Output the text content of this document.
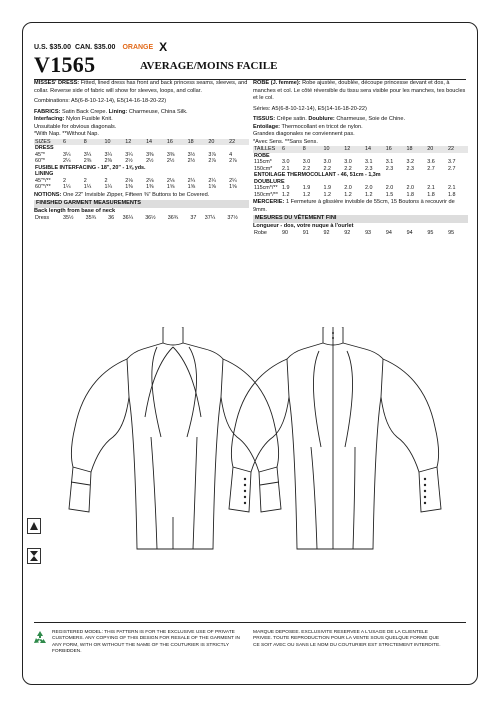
U.S. $35.00 CAN. $35.00 ORANGE X
V1565	AVERAGE/MOINS FACILE

MISSES' DRESS: Fitted, lined dress has front and back princess seams, sleeves, and collar. Reverse side of fabric will show for sleeves, loops, and collar.

Combinations: A5(6-8-10-12-14), E5(14-16-18-20-22)

FABRICS: Satin Back Crepe. Lining: Charmeuse, China Silk.
Interfacing: Nylon Fusible Knit.
Unsuitable for obvious diagonals.
*With Nap. **Without Nap.
SIZES	6	8	10	12	14	16	18	20	22
DRESS									
45"*	3¼	3¼	3¼	3¼	3⅜	3⅜	3½	3⅞	4
60"*	2¼	2⅜	2⅜	2½	2½	2½	2½	2⅞	2⅞
FUSIBLE INTERFACING - 18", 20" - 1⅝ yds.									
LINING									
45"*/**	2	2	2	2⅛	2⅛	2⅛	2¼	2¼	2¼
60"*/**	1¼	1¼	1¼	1⅜	1⅜	1⅝	1⅝	1⅝	1⅝
NOTIONS: One 22" Invisible Zipper, Fifteen ⅜" Buttons to be Covered.
FINISHED GARMENT MEASUREMENTS
Back length from base of neck
Dress	35½	35¾	36	36¼	36½	36¾	37	37¼	37½

ROBE (J. femme): Robe ajustée, doublée, découpe princesse devant et dos, à manches et col. Le côté réversible du tissu sera visible pour les manches, tes boucles et le col.

Séries: A5(6-8-10-12-14), E5(14-16-18-20-22)

TISSUS: Crêpe satin. Doublure: Charmeuse, Soie de Chine.
Entoilage: Thermocollant en tricot de nylon.
Grandes diagonales ne conviennent pas.
*Avec Sens. **Sans Sens.
TAILLES	6	8	10	12	14	16	18	20	22
ROBE									
115cm*	3.0	3.0	3.0	3.0	3.1	3.1	3.2	3.6	3.7
150cm*	2.1	2.2	2.2	2.2	2.3	2.3	2.3	2.7	2.7
ENTOILAGE THERMOCOLLANT - 46, 51cm - 1,3m									
DOUBLURE									
115cm*/**	1.9	1.9	1.9	2.0	2.0	2.0	2.0	2.1	2.1
150cm*/**	1.2	1.2	1.2	1.2	1.2	1.5	1.8	1.8	1.8
MERCERIE: 1 Fermeture à glissière invisible de 55cm, 15 Boutons à recouvrir de 9mm.
MESURES DU VÊTEMENT FINI
Longueur - dos, votre nuque à l'ourlet
Robe	90	91	92	92	93	94	94	95	95
REGISTERED MODEL: THIS PATTERN IS FOR THE EXCLUSIVE USE OF PRIVATE CUSTOMERS. ANY COPYING OF THIS DESIGN FOR RESALE OF THE GARMENT IN ANY FORM, WITH OR WITHOUT THE NAME OF THE COUTURIER IS STRICTLY FORBIDDEN.
MARQUE DEPOSEE. EXCLUSIVITE RESERVEE A L'USAGE DE LA CLIENTELE PRIVEE. TOUTE REPRODUCTION POUR LA VENTE SOUS QUELQUE FORME QUE CE SOIT AVEC OU SANS LE NOM DU COUTURIER EST STRICTEMENT INTERDITE.
